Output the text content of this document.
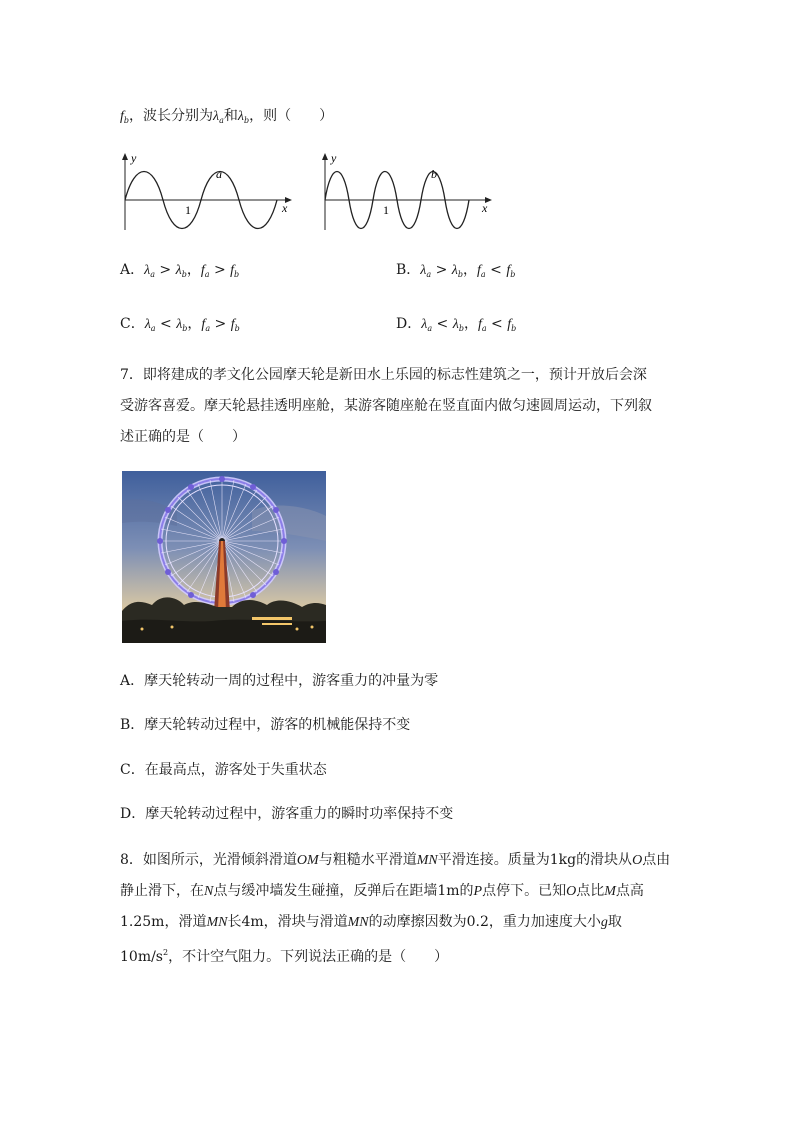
$f_b$，波长分别为$\lambda_a$和$\lambda_b$，则（　　）
y
x
1
a
y
x
1
b
A．$\lambda_a > \lambda_b$，$f_a > f_b$	B．$\lambda_a > \lambda_b$，$f_a < f_b$
C．$\lambda_a < \lambda_b$，$f_a > f_b$	D．$\lambda_a < \lambda_b$，$f_a < f_b$
7．即将建成的孝文化公园摩天轮是新田水上乐园的标志性建筑之一，预计开放后会深
受游客喜爱。摩天轮悬挂透明座舱，某游客随座舱在竖直面内做匀速圆周运动，下列叙
述正确的是（　　）
A．摩天轮转动一周的过程中，游客重力的冲量为零
B．摩天轮转动过程中，游客的机械能保持不变
C．在最高点，游客处于失重状态
D．摩天轮转动过程中，游客重力的瞬时功率保持不变
8．如图所示，光滑倾斜滑道OM与粗糙水平滑道MN平滑连接。质量为1kg的滑块从O点由静止滑下，在N点与缓冲墙发生碰撞，反弹后在距墙1m的P点停下。已知O点比M点高1.25m，滑道MN长4m，滑块与滑道MN的动摩擦因数为0.2，重力加速度大小g取$10m/s^2$，不计空气阻力。下列说法正确的是（　　）
